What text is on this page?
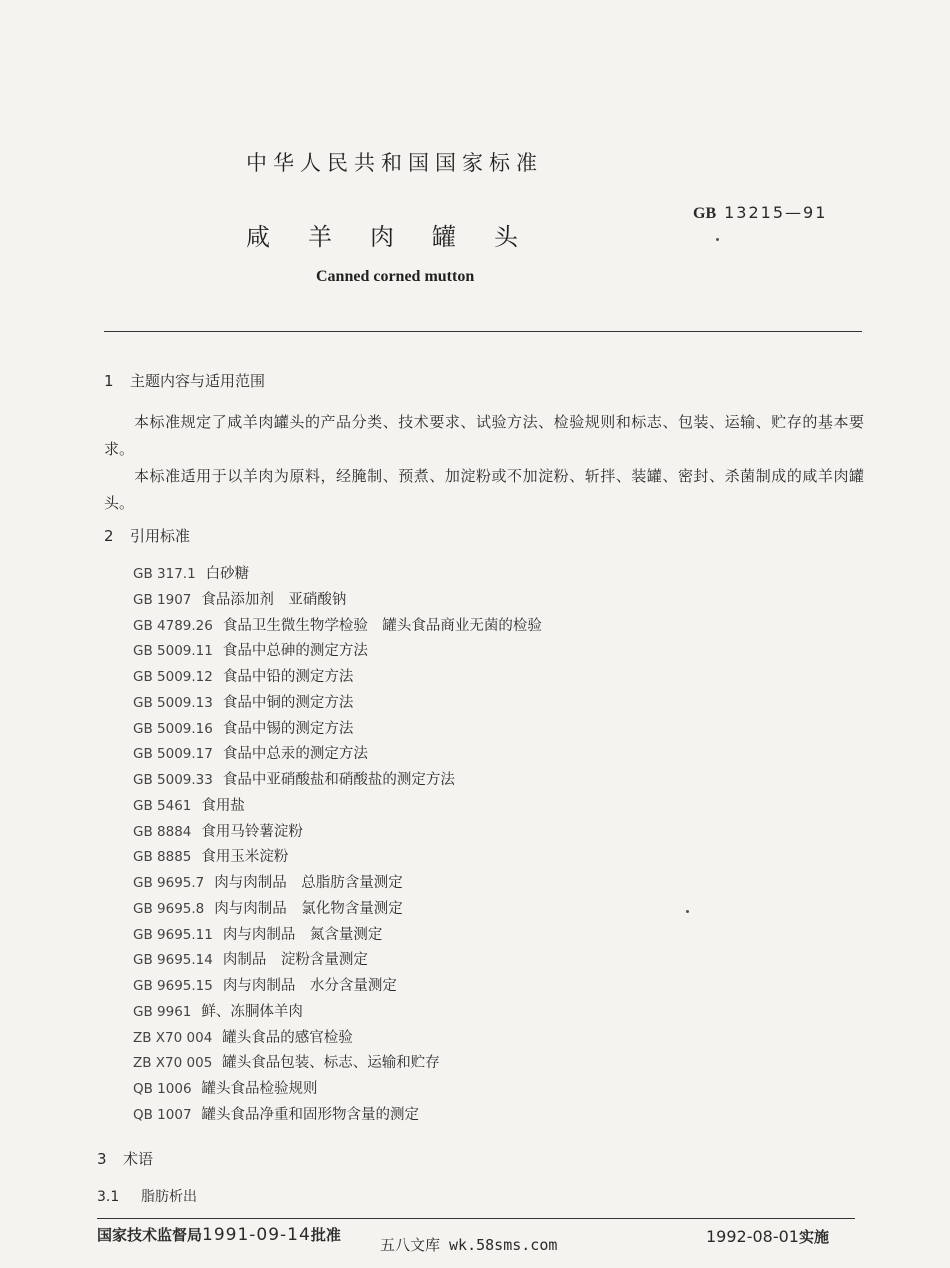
中华人民共和国国家标准
GB 13215—91
咸羊肉罐头
Canned corned mutton
1 主题内容与适用范围
本标准规定了咸羊肉罐头的产品分类、技术要求、试验方法、检验规则和标志、包装、运输、贮存的基本要求。
本标准适用于以羊肉为原料，经腌制、预煮、加淀粉或不加淀粉、斩拌、装罐、密封、杀菌制成的咸羊肉罐头。
2 引用标准
GB 317.1 白砂糖
GB 1907 食品添加剂　亚硝酸钠
GB 4789.26 食品卫生微生物学检验　罐头食品商业无菌的检验
GB 5009.11 食品中总砷的测定方法
GB 5009.12 食品中铅的测定方法
GB 5009.13 食品中铜的测定方法
GB 5009.16 食品中锡的测定方法
GB 5009.17 食品中总汞的测定方法
GB 5009.33 食品中亚硝酸盐和硝酸盐的测定方法
GB 5461 食用盐
GB 8884 食用马铃薯淀粉
GB 8885 食用玉米淀粉
GB 9695.7 肉与肉制品　总脂肪含量测定
GB 9695.8 肉与肉制品　氯化物含量测定
GB 9695.11 肉与肉制品　氮含量测定
GB 9695.14 肉制品　淀粉含量测定
GB 9695.15 肉与肉制品　水分含量测定
GB 9961 鲜、冻胴体羊肉
ZB X70 004 罐头食品的感官检验
ZB X70 005 罐头食品包装、标志、运输和贮存
QB 1006 罐头食品检验规则
QB 1007 罐头食品净重和固形物含量的测定
3 术语
3.1 脂肪析出
国家技术监督局1991-09-14批准
五八文库 wk.58sms.com	1992-08-01实施
